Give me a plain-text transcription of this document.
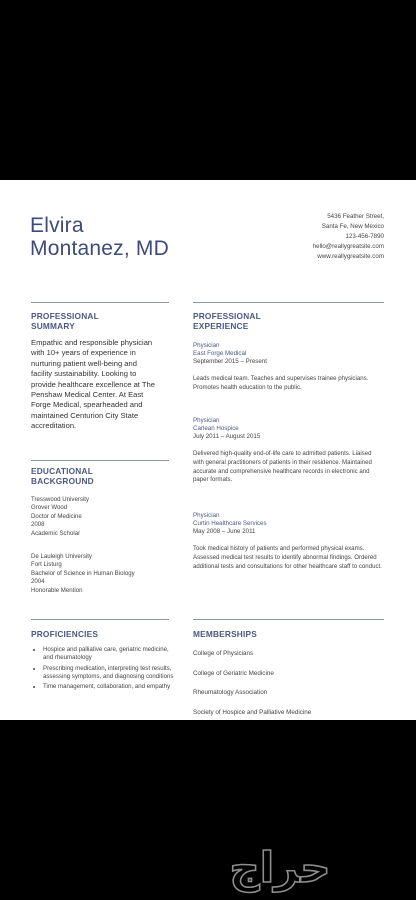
Elvira
Montanez, MD
5436 Feather Street,
Santa Fe, New Mexico
123-456-7890
hello@reallygreatsite.com
www.reallygreatsite.com
PROFESSIONAL
SUMMARY
Empathic and responsible physician with 10+ years of experience in nurturing patient well-being and facility sustainability. Looking to provide healthcare excellence at The Penshaw Medical Center. At East Forge Medical, spearheaded and maintained Centurion City State accreditation.
PROFESSIONAL
EXPERIENCE
Physician
East Forge Medical
September 2015 – Present
Leads medical team. Teaches and supervises trainee physicians. Promotes health education to the public.
Physician
Carlean Hospice
July 2011 – August 2015
Delivered high-quality end-of-life care to admitted patients. Liaised with general practitioners of patients in their residence. Maintained accurate and comprehensive healthcare records in electronic and paper formats.
Physician
Curtin Healthcare Services
May 2008 – June 2011
Took medical history of patients and performed physical exams. Assessed medical test results to identify abnormal findings. Ordered additional tests and consultations for other healthcare staff to conduct.
EDUCATIONAL
BACKGROUND
Tresswood University
Grover Wood
Doctor of Medicine
2008
Academic Scholar
De Lauleigh University
Fort Listurg
Bachelor of Science in Human Biology
2004
Honorable Mention
PROFICIENCIES
• Hospice and palliative care, geriatric medicine, and rheumatology
• Prescribing medication, interpreting test results, assessing symptoms, and diagnosing conditions
• Time management, collaboration, and empathy
MEMBERSHIPS
College of Physicians
College of Geriatric Medicine
Rheumatology Association
Society of Hospice and Palliative Medicine
حراج
